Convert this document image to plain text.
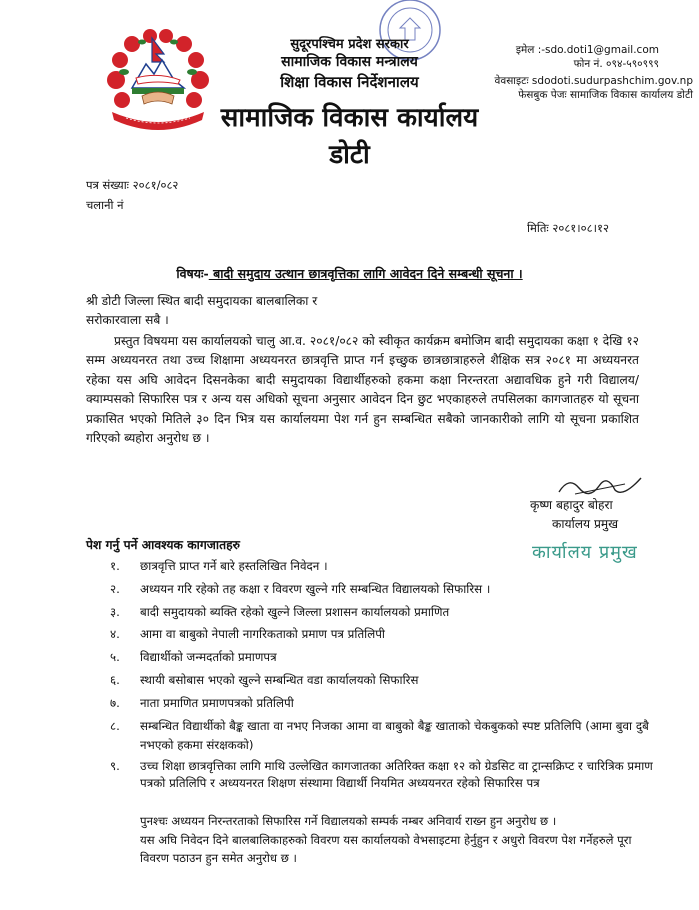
सुदूरपश्चिम प्रदेश सरकार
सामाजिक विकास मन्त्रालय
शिक्षा विकास निर्देशनालय
सामाजिक विकास कार्यालय
डोटी
इमेल :-sdo.doti1@gmail.com
फोन नं. ०९४-५९०९९९
वेवसाइटः sdodoti.sudurpashchim.gov.np
फेसबुक पेजः सामाजिक विकास कार्यालय डोटी
पत्र संख्याः २०८१/०८२
चलानी नं
मितिः २०८१।०८।१२
विषयः- बादी समुदाय उत्थान छात्रवृत्तिका लागि आवेदन दिने सम्बन्धी सूचना ।
श्री डोटी जिल्ला स्थित बादी समुदायका बालबालिका र
सरोकारवाला सबै ।
प्रस्तुत विषयमा यस कार्यालयको चालु आ.व. २०८१/०८२ को स्वीकृत कार्यक्रम बमोजिम बादी समुदायका कक्षा १ देखि १२ सम्म अध्ययनरत तथा उच्च शिक्षामा अध्ययनरत छात्रवृत्ति प्राप्त गर्न इच्छुक छात्रछात्राहरुले शैक्षिक सत्र २०८१ मा अध्ययनरत रहेका यस अघि आवेदन दिसनकेका बादी समुदायका विद्यार्थीहरुको हकमा कक्षा निरन्तरता अद्यावधिक हुने गरी विद्यालय/क्याम्पसको सिफारिस पत्र र अन्य यस अधिको सूचना अनुसार आवेदन दिन छुट भएकाहरुले तपसिलका कागजातहरु यो सूचना प्रकासित भएको मितिले ३० दिन भित्र यस कार्यालयमा पेश गर्न हुन सम्बन्धित सबैको जानकारीको लागि यो सूचना प्रकाशित गरिएको ब्यहोरा अनुरोध छ ।
कृष्ण बहादुर बोहरा
कार्यालय प्रमुख
कार्यालय प्रमुख
पेश गर्नु पर्ने आवश्यक कागजातहरु
१.	छात्रवृत्ति प्राप्त गर्ने बारे हस्तलिखित निवेदन ।
२.	अध्ययन गरि रहेको तह कक्षा र विवरण खुल्ने गरि सम्बन्धित विद्यालयको सिफारिस ।
३.	बादी समुदायको ब्यक्ति रहेको खुल्ने जिल्ला प्रशासन कार्यालयको प्रमाणित
४.	आमा वा बाबुको नेपाली नागरिकताको प्रमाण पत्र प्रतिलिपी
५.	विद्यार्थीको जन्मदर्ताको प्रमाणपत्र
६.	स्थायी बसोबास भएको खुल्ने सम्बन्धित वडा कार्यालयको सिफारिस
७.	नाता प्रमाणित प्रमाणपत्रको प्रतिलिपी
८.	सम्बन्धित विद्यार्थीको बैङ्क खाता वा नभए निजका आमा वा बाबुको बैङ्क खाताको चेकबुकको स्पष्ट प्रतिलिपि (आमा बुवा दुबै नभएको हकमा संरक्षकको)
९.	उच्च शिक्षा छात्रवृत्तिका लागि माथि उल्लेखित कागजातका अतिरिक्त कक्षा १२ को ग्रेडसिट वा ट्रान्सक्रिप्ट र चारित्रिक प्रमाण पत्रको प्रतिलिपि र अध्ययनरत शिक्षण संस्थामा विद्यार्थी नियमित अध्ययनरत रहेको सिफारिस पत्र
पुनश्चः अध्ययन निरन्तरताको सिफारिस गर्ने विद्यालयको सम्पर्क नम्बर अनिवार्य राख्न हुन अनुरोध छ ।
यस अघि निवेदन दिने बालबालिकाहरुको विवरण यस कार्यालयको वेभसाइटमा हेर्नुहुन र अधुरो विवरण पेश गर्नेहरुले पूरा विवरण पठाउन हुन समेत अनुरोध छ ।
